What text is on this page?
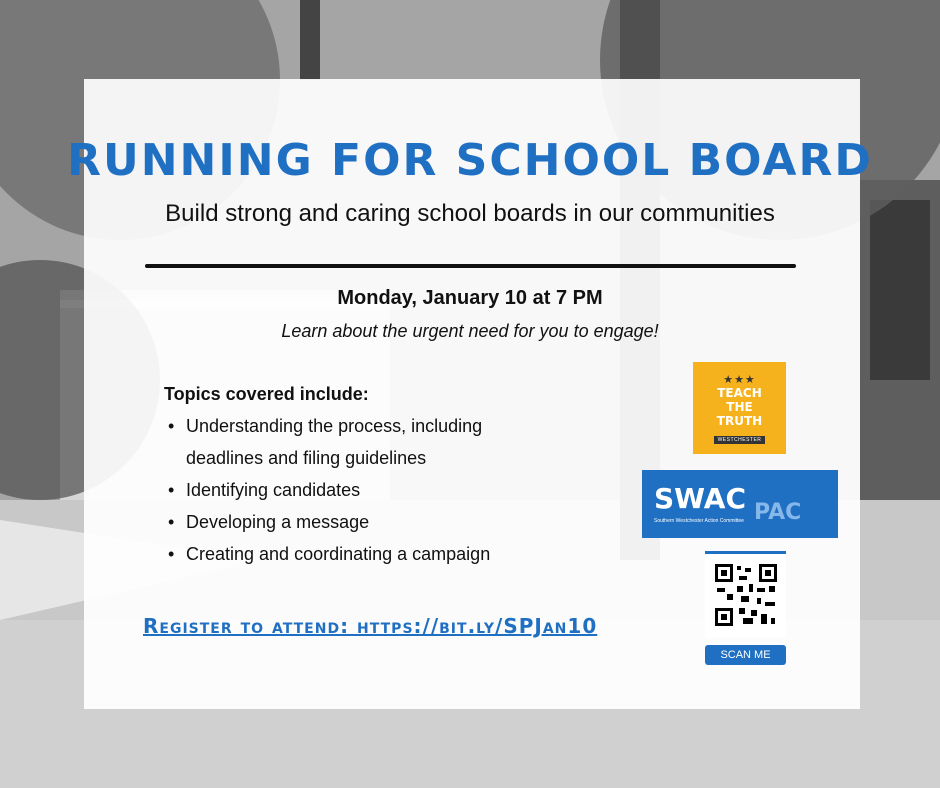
RUNNING FOR SCHOOL BOARD
Build strong and caring school boards in our communities
Monday, January 10 at 7 PM
Learn about the urgent need for you to engage!
Topics covered include:
• Understanding the process, including deadlines and filing guidelines
• Identifying candidates
• Developing a message
• Creating and coordinating a campaign
Register to attend: https://bit.ly/SPJan10
★★★
TEACH
THE
TRUTH
WESTCHESTER
SWAC PAC
Southern Westchester Action Committee
SCAN ME
